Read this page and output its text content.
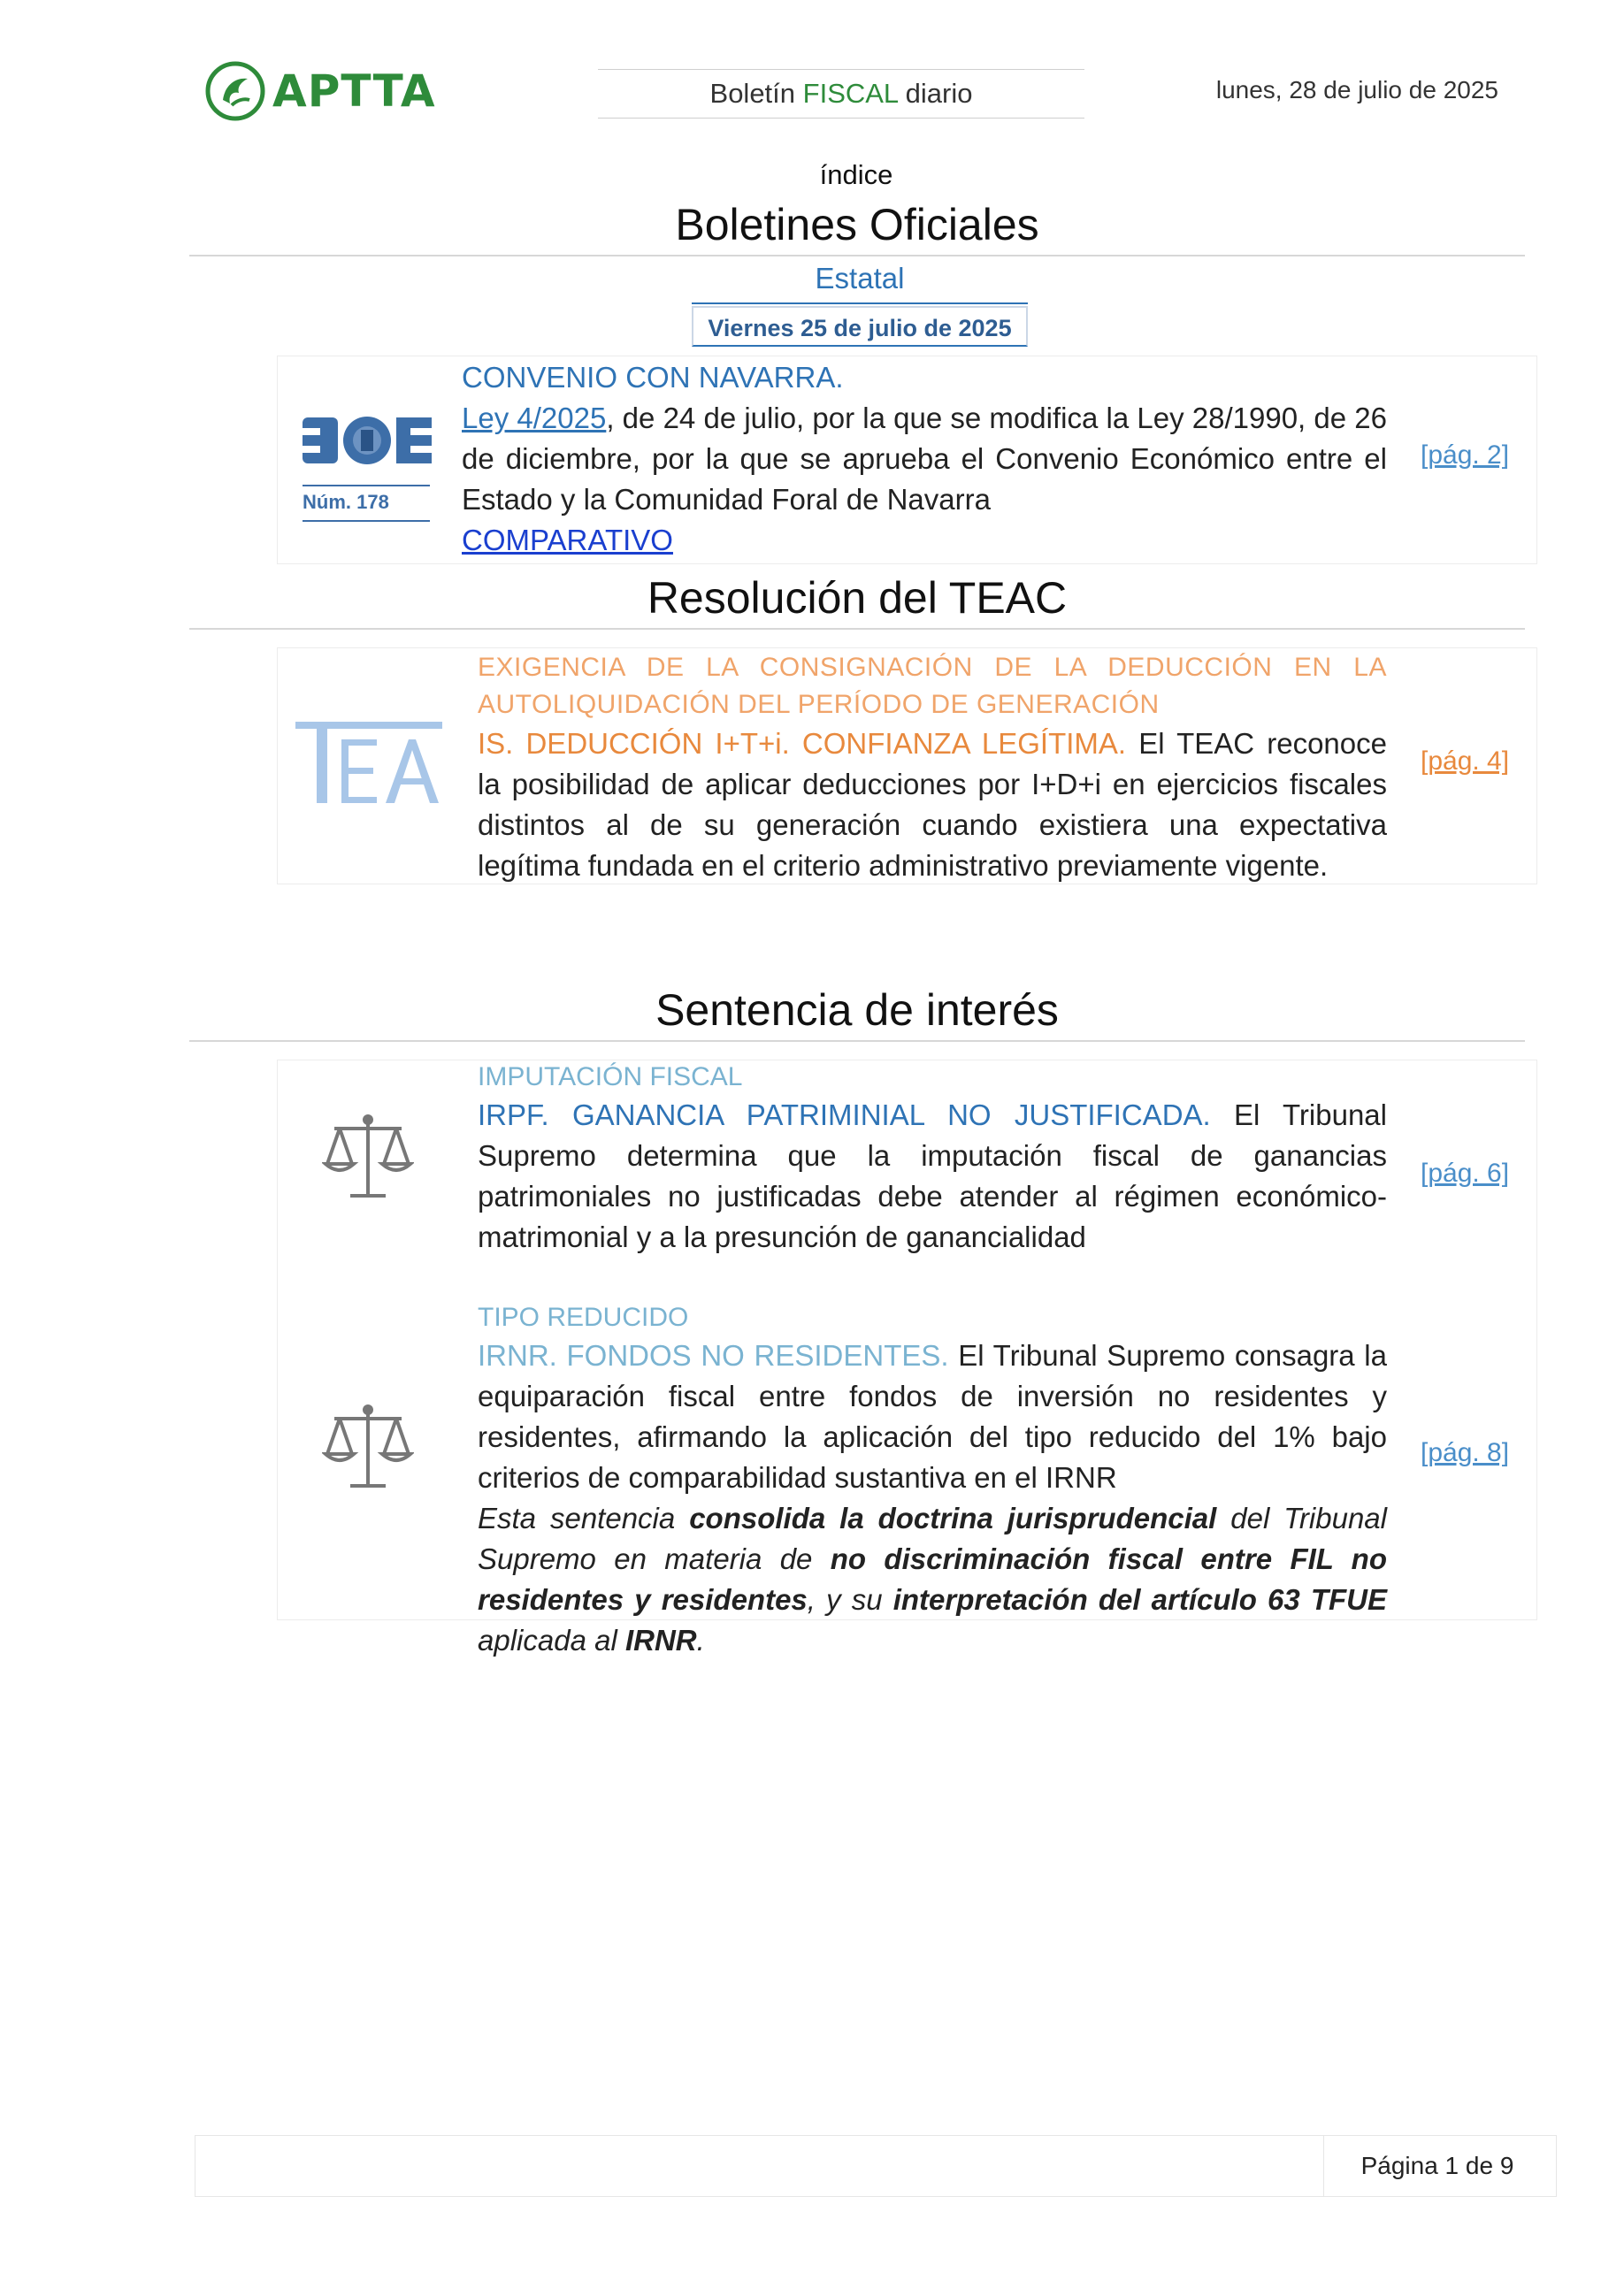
APTTA	Boletín FISCAL diario	lunes, 28 de julio de 2025
índice
Boletines Oficiales
Estatal
Viernes 25 de julio de 2025
Núm. 178
CONVENIO CON NAVARRA.
Ley 4/2025, de 24 de julio, por la que se modifica la Ley 28/1990, de 26 de diciembre, por la que se aprueba el Convenio Económico entre el Estado y la Comunidad Foral de Navarra
COMPARATIVO
[pág. 2]
Resolución del TEAC
EXIGENCIA DE LA CONSIGNACIÓN DE LA DEDUCCIÓN EN LA AUTOLIQUIDACIÓN DEL PERÍODO DE GENERACIÓN
IS. DEDUCCIÓN I+T+i. CONFIANZA LEGÍTIMA. El TEAC reconoce la posibilidad de aplicar deducciones por I+D+i en ejercicios fiscales distintos al de su generación cuando existiera una expectativa legítima fundada en el criterio administrativo previamente vigente.
[pág. 4]
Sentencia de interés
IMPUTACIÓN FISCAL
IRPF. GANANCIA PATRIMINIAL NO JUSTIFICADA. El Tribunal Supremo determina que la imputación fiscal de ganancias patrimoniales no justificadas debe atender al régimen económico-matrimonial y a la presunción de ganancialidad
[pág. 6]
TIPO REDUCIDO
IRNR. FONDOS NO RESIDENTES. El Tribunal Supremo consagra la equiparación fiscal entre fondos de inversión no residentes y residentes, afirmando la aplicación del tipo reducido del 1% bajo criterios de comparabilidad sustantiva en el IRNR
Esta sentencia consolida la doctrina jurisprudencial del Tribunal Supremo en materia de no discriminación fiscal entre FIL no residentes y residentes, y su interpretación del artículo 63 TFUE aplicada al IRNR.
[pág. 8]
Página 1 de 9
